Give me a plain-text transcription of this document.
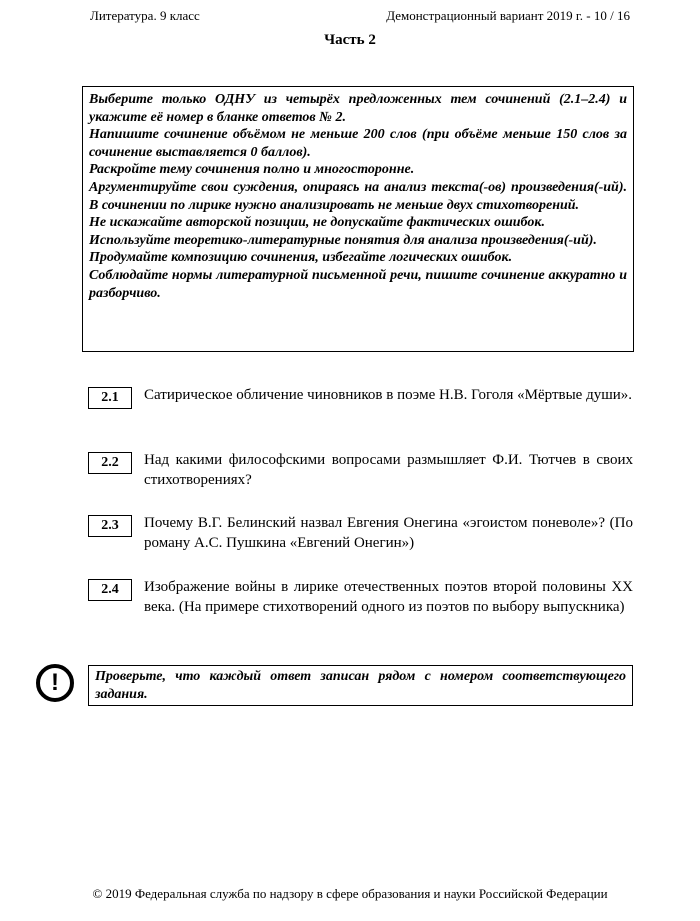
Литература. 9 класс	Демонстрационный вариант 2019 г. - 10 / 16
Часть 2

Выберите только ОДНУ из четырёх предложенных тем сочинений (2.1–2.4) и укажите её номер в бланке ответов № 2.

Напишите сочинение объёмом не меньше 200 слов (при объёме меньше 150 слов за сочинение выставляется 0 баллов).

Раскройте тему сочинения полно и многосторонне.

Аргументируйте свои суждения, опираясь на анализ текста(-ов) произведения(-ий). В сочинении по лирике нужно анализировать не меньше двух стихотворений.

Не искажайте авторской позиции, не допускайте фактических ошибок.

Используйте теоретико-литературные понятия для анализа произведения(-ий).

Продумайте композицию сочинения, избегайте логических ошибок.

Соблюдайте нормы литературной письменной речи, пишите сочинение аккуратно и разборчиво.

2.1	Сатирическое обличение чиновников в поэме Н.В. Гоголя «Мёртвые души».
2.2	Над какими философскими вопросами размышляет Ф.И. Тютчев в своих стихотворениях?
2.3	Почему В.Г. Белинский назвал Евгения Онегина «эгоистом поневоле»? (По роману А.С. Пушкина «Евгений Онегин»)
2.4	Изображение войны в лирике отечественных поэтов второй половины XX века. (На примере стихотворений одного из поэтов по выбору выпускника)
!	Проверьте, что каждый ответ записан рядом с номером соответствующего задания.
© 2019 Федеральная служба по надзору в сфере образования и науки Российской Федерации
